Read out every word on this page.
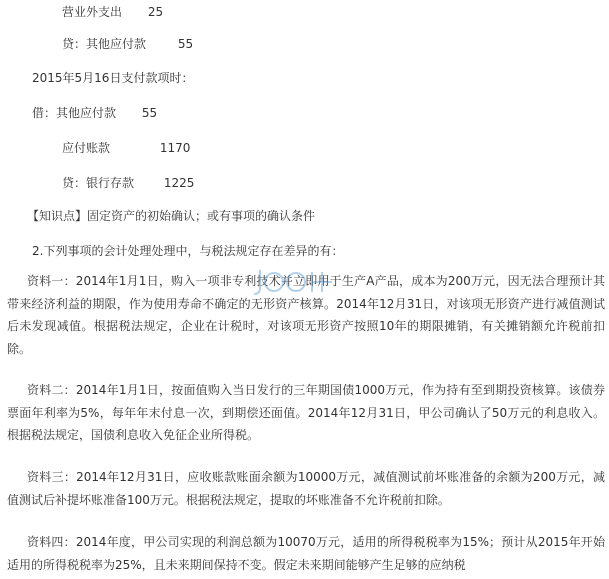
营业外支出 25
贷：其他应付款	55
2015年5月16日支付款项时：
借：其他应付款 55
应付账款	1170
贷：银行存款 1225
【知识点】固定资产的初始确认；或有事项的确认条件
2.下列事项的会计处理处理中，与税法规定存在差异的有：
资料一：2014年1月1日，购入一项非专利技术并立即用于生产A产品，成本为200万元，因无法合理预计其带来经济利益的期限，作为使用寿命不确定的无形资产核算。2014年12月31日，对该项无形资产进行减值测试后未发现减值。根据税法规定，企业在计税时，对该项无形资产按照10年的期限摊销，有关摊销额允许税前扣除。
资料二：2014年1月1日，按面值购入当日发行的三年期国债1000万元，作为持有至到期投资核算。该债券票面年利率为5%，每年年末付息一次，到期偿还面值。2014年12月31日，甲公司确认了50万元的利息收入。根据税法规定，国债利息收入免征企业所得税。
资料三：2014年12月31日，应收账款账面余额为10000万元，减值测试前坏账准备的余额为200万元，减值测试后补提坏账准备100万元。根据税法规定，提取的坏账准备不允许税前扣除。
资料四：2014年度，甲公司实现的利润总额为10070万元，适用的所得税税率为15%；预计从2015年开始适用的所得税税率为25%，且未来期间保持不变。假定未来期间能够产生足够的应纳税
